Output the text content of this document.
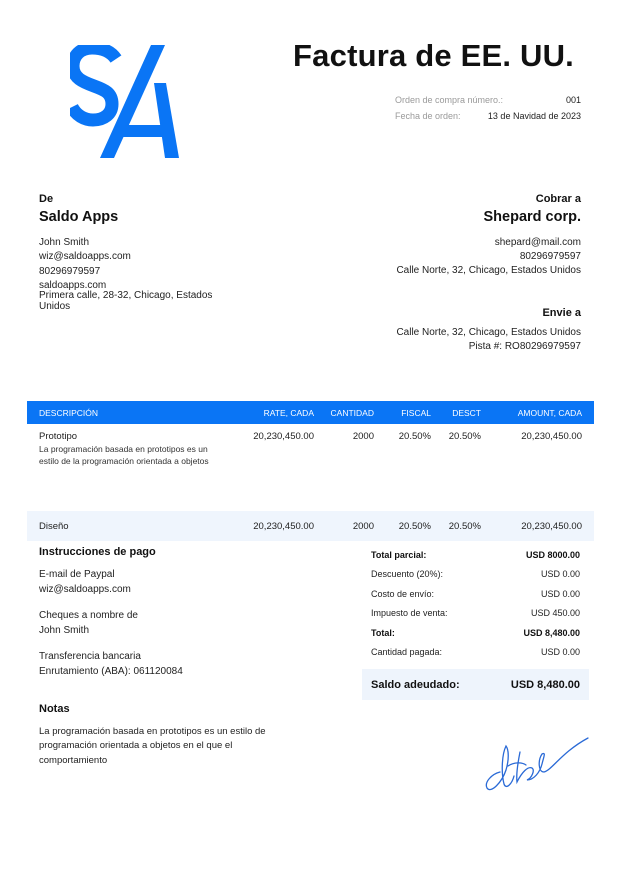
Factura de EE. UU.
Orden de compra número.:	001
Fecha de orden:	13 de Navidad de 2023
De
Saldo Apps
John Smith
wiz@saldoapps.com
80296979597
saldoapps.com
Primera calle, 28-32, Chicago, Estados Unidos
Cobrar a
Shepard corp.
shepard@mail.com
80296979597
Calle Norte, 32, Chicago, Estados Unidos
Envie a
Calle Norte, 32, Chicago, Estados Unidos
Pista #: RO80296979597
DESCRIPCIÓN	RATE, CADA	CANTIDAD	FISCAL	DESCT	AMOUNT, CADA
Prototipo
La programación basada en prototipos es un estilo de la programación orientada a objetos
20,230,450.00	2000	20.50%	20.50%	20,230,450.00
Diseño	20,230,450.00	2000	20.50%	20.50%	20,230,450.00
Instrucciones de pago
E-mail de Paypal
wiz@saldoapps.com
Cheques a nombre de
John Smith
Transferencia bancaria
Enrutamiento (ABA): 061120084
Total parcial:	USD 8000.00
Descuento (20%):	USD 0.00
Costo de envío:	USD 0.00
Impuesto de venta:	USD 450.00
Total:	USD 8,480.00
Cantidad pagada:	USD 0.00
Saldo adeudado:	USD 8,480.00
Notas
La programación basada en prototipos es un estilo de programación orientada a objetos en el que el comportamiento
